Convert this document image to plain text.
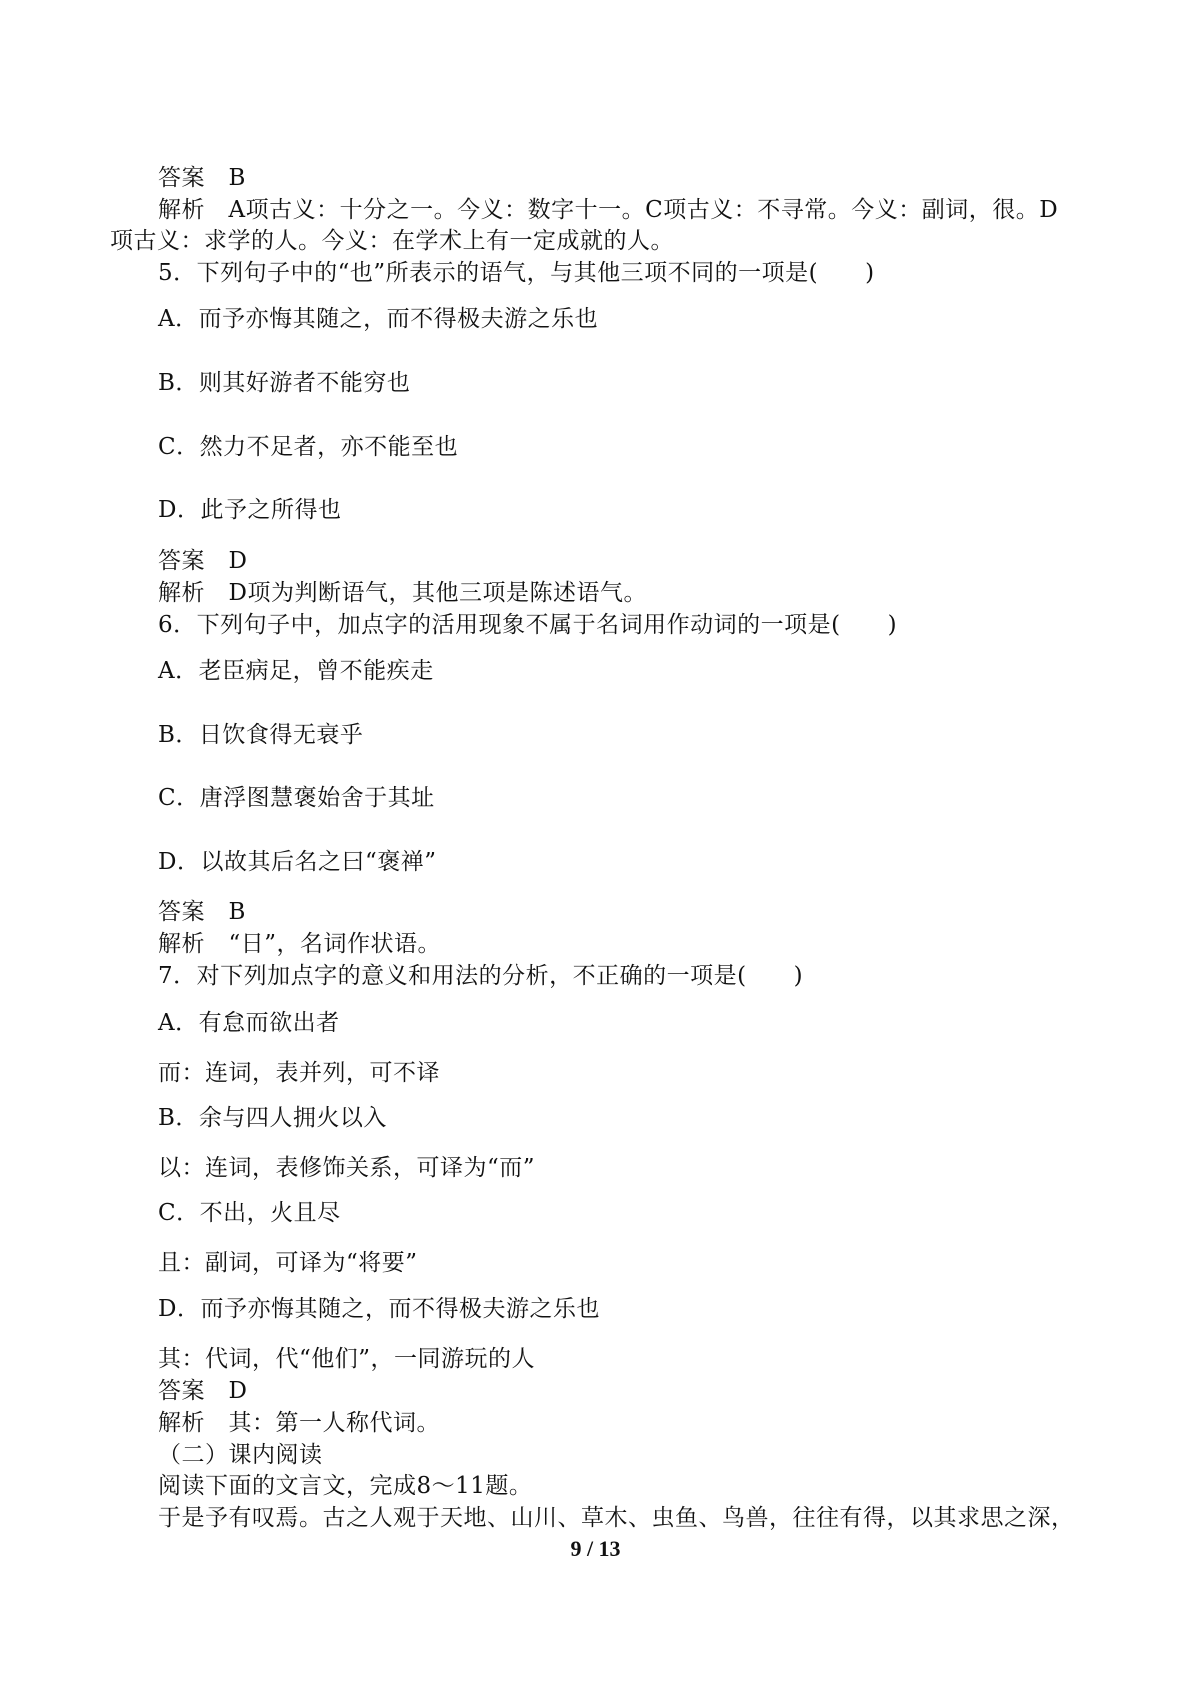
答案　B
解析　A项古义：十分之一。今义：数字十一。C项古义：不寻常。今义：副词，很。D
项古义：求学的人。今义：在学术上有一定成就的人。
5．下列句子中的“也”所表示的语气，与其他三项不同的一项是(　　)
A．而予亦悔其随之，而不得极夫游之乐也
B．则其好游者不能穷也
C．然力不足者，亦不能至也
D．此予之所得也
答案　D
解析　D项为判断语气，其他三项是陈述语气。
6．下列句子中，加点字的活用现象不属于名词用作动词的一项是(　　)
A．老臣病足，曾不能疾走
B．日饮食得无衰乎
C．唐浮图慧褒始舍于其址
D．以故其后名之曰“褒禅”
答案　B
解析　“日”，名词作状语。
7．对下列加点字的意义和用法的分析，不正确的一项是(　　)
A．有怠而欲出者
而：连词，表并列，可不译
B．余与四人拥火以入
以：连词，表修饰关系，可译为“而”
C．不出，火且尽
且：副词，可译为“将要”
D．而予亦悔其随之，而不得极夫游之乐也
其：代词，代“他们”，一同游玩的人
答案　D
解析　其：第一人称代词。
（二）课内阅读
阅读下面的文言文，完成8～11题。
于是予有叹焉。古之人观于天地、山川、草木、虫鱼、鸟兽，往往有得，以其求思之深，
9 / 13
